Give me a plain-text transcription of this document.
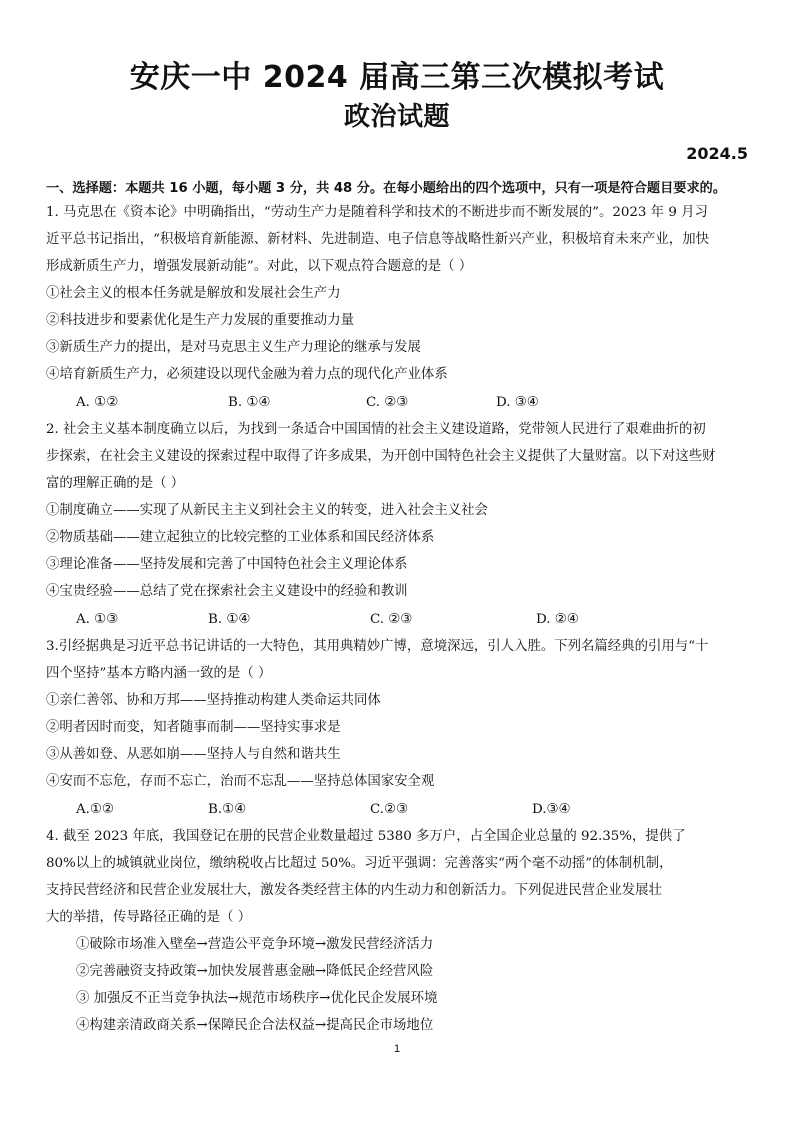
安庆一中 2024 届高三第三次模拟考试
政治试题
2024.5
一、选择题：本题共 16 小题，每小题 3 分，共 48 分。在每小题给出的四个选项中，只有一项是符合题目要求的。
1. 马克思在《资本论》中明确指出，“劳动生产力是随着科学和技术的不断进步而不断发展的”。2023 年 9 月习
近平总书记指出，“积极培育新能源、新材料、先进制造、电子信息等战略性新兴产业，积极培育未来产业，加快
形成新质生产力，增强发展新动能”。对此，以下观点符合题意的是（ ）
①社会主义的根本任务就是解放和发展社会生产力
②科技进步和要素优化是生产力发展的重要推动力量
③新质生产力的提出，是对马克思主义生产力理论的继承与发展
④培育新质生产力，必须建设以现代金融为着力点的现代化产业体系
A. ①②	B. ①④	C. ②③	D. ③④
2. 社会主义基本制度确立以后，为找到一条适合中国国情的社会主义建设道路，党带领人民进行了艰难曲折的初
步探索，在社会主义建设的探索过程中取得了许多成果，为开创中国特色社会主义提供了大量财富。以下对这些财
富的理解正确的是（ ）
①制度确立——实现了从新民主主义到社会主义的转变，进入社会主义社会
②物质基础——建立起独立的比较完整的工业体系和国民经济体系
③理论准备——坚持发展和完善了中国特色社会主义理论体系
④宝贵经验——总结了党在探索社会主义建设中的经验和教训
A. ①③	B. ①④	C. ②③	D. ②④
3.引经据典是习近平总书记讲话的一大特色，其用典精妙广博，意境深远，引人入胜。下列名篇经典的引用与“十
四个坚持”基本方略内涵一致的是（ ）
①亲仁善邻、协和万邦——坚持推动构建人类命运共同体
②明者因时而变，知者随事而制——坚持实事求是
③从善如登、从恶如崩——坚持人与自然和谐共生
④安而不忘危，存而不忘亡，治而不忘乱——坚持总体国家安全观
A.①②	B.①④	C.②③	D.③④
4. 截至 2023 年底，我国登记在册的民营企业数量超过 5380 多万户，占全国企业总量的 92.35%，提供了
80%以上的城镇就业岗位，缴纳税收占比超过 50%。习近平强调：完善落实“两个毫不动摇”的体制机制，
支持民营经济和民营企业发展壮大，激发各类经营主体的内生动力和创新活力。下列促进民营企业发展壮
大的举措，传导路径正确的是（ ）
①破除市场准入壁垒→营造公平竞争环境→激发民营经济活力
②完善融资支持政策→加快发展普惠金融→降低民企经营风险
③ 加强反不正当竞争执法→规范市场秩序→优化民企发展环境
④构建亲清政商关系→保障民企合法权益→提高民企市场地位
1
